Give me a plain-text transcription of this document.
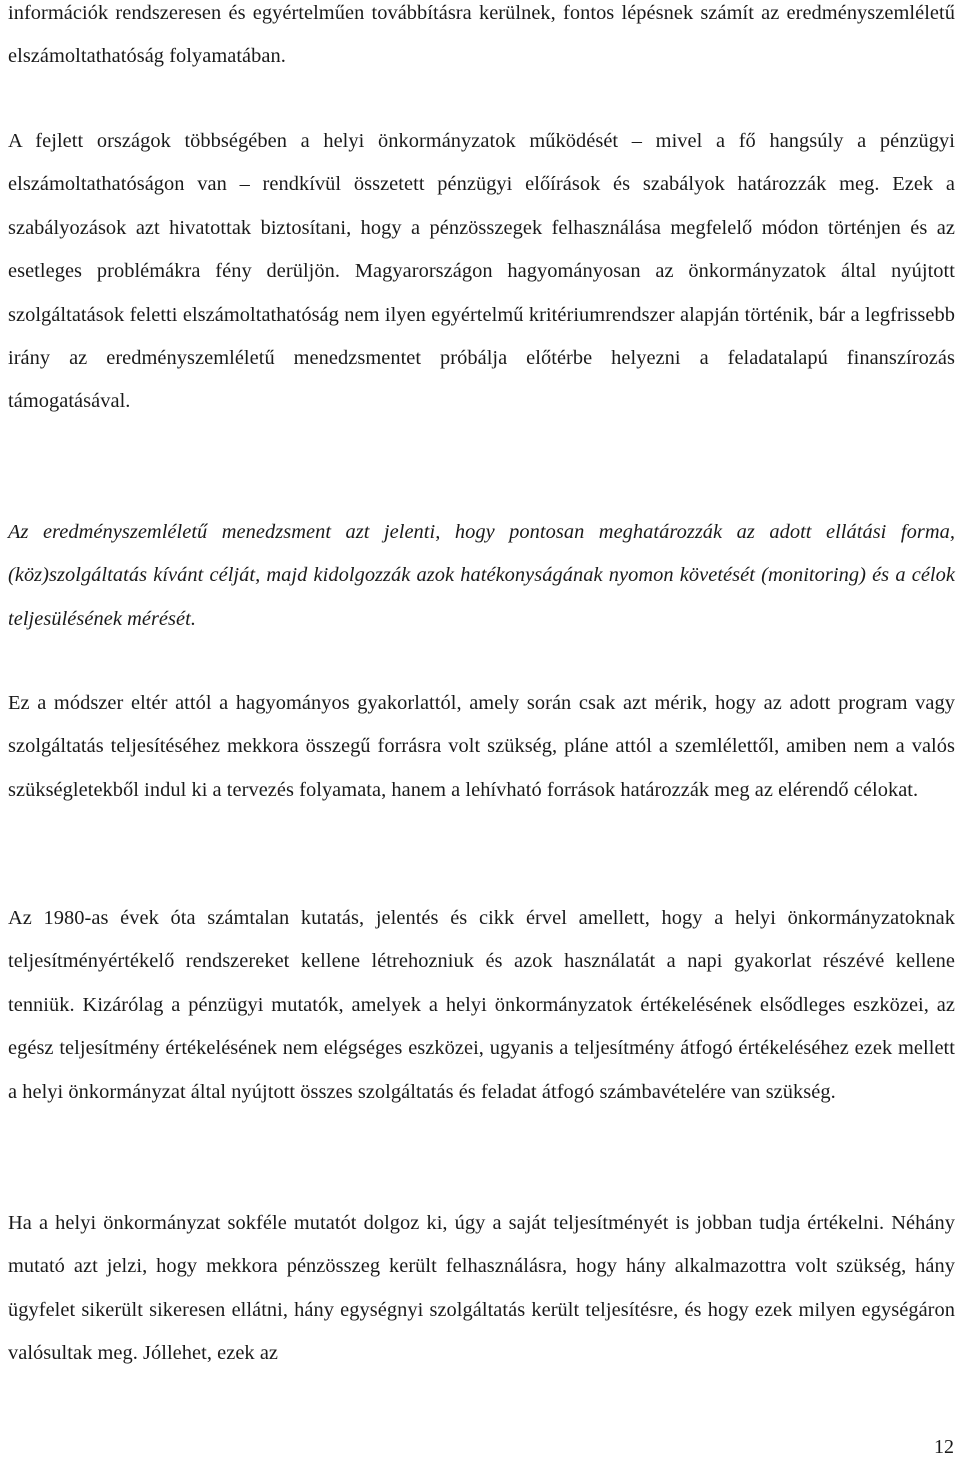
információk rendszeresen és egyértelműen továbbításra kerülnek, fontos lépésnek számít az eredményszemléletű elszámoltathatóság folyamatában.

A fejlett országok többségében a helyi önkormányzatok működését – mivel a fő hangsúly a pénzügyi elszámoltathatóságon van – rendkívül összetett pénzügyi előírások és szabályok határozzák meg. Ezek a szabályozások azt hivatottak biztosítani, hogy a pénzösszegek felhasználása megfelelő módon történjen és az esetleges problémákra fény derüljön. Magyarországon hagyományosan az önkormányzatok által nyújtott szolgáltatások feletti elszámoltathatóság nem ilyen egyértelmű kritériumrendszer alapján történik, bár a legfrissebb irány az eredményszemléletű menedzsmentet próbálja előtérbe helyezni a feladatalapú finanszírozás támogatásával.

Az eredményszemléletű menedzsment azt jelenti, hogy pontosan meghatározzák az adott ellátási forma, (köz)szolgáltatás kívánt célját, majd kidolgozzák azok hatékonyságának nyomon követését (monitoring) és a célok teljesülésének mérését.

Ez a módszer eltér attól a hagyományos gyakorlattól, amely során csak azt mérik, hogy az adott program vagy szolgáltatás teljesítéséhez mekkora összegű forrásra volt szükség, pláne attól a szemlélettől, amiben nem a valós szükségletekből indul ki a tervezés folyamata, hanem a lehívható források határozzák meg az elérendő célokat.

Az 1980-as évek óta számtalan kutatás, jelentés és cikk érvel amellett, hogy a helyi önkormányzatoknak teljesítményértékelő rendszereket kellene létrehozniuk és azok használatát a napi gyakorlat részévé kellene tenniük. Kizárólag a pénzügyi mutatók, amelyek a helyi önkormányzatok értékelésének elsődleges eszközei, az egész teljesítmény értékelésének nem elégséges eszközei, ugyanis a teljesítmény átfogó értékeléséhez ezek mellett a helyi önkormányzat által nyújtott összes szolgáltatás és feladat átfogó számbavételére van szükség.

Ha a helyi önkormányzat sokféle mutatót dolgoz ki, úgy a saját teljesítményét is jobban tudja értékelni. Néhány mutató azt jelzi, hogy mekkora pénzösszeg került felhasználásra, hogy hány alkalmazottra volt szükség, hány ügyfelet sikerült sikeresen ellátni, hány egységnyi szolgáltatás került teljesítésre, és hogy ezek milyen egységáron valósultak meg. Jóllehet, ezek az

12
